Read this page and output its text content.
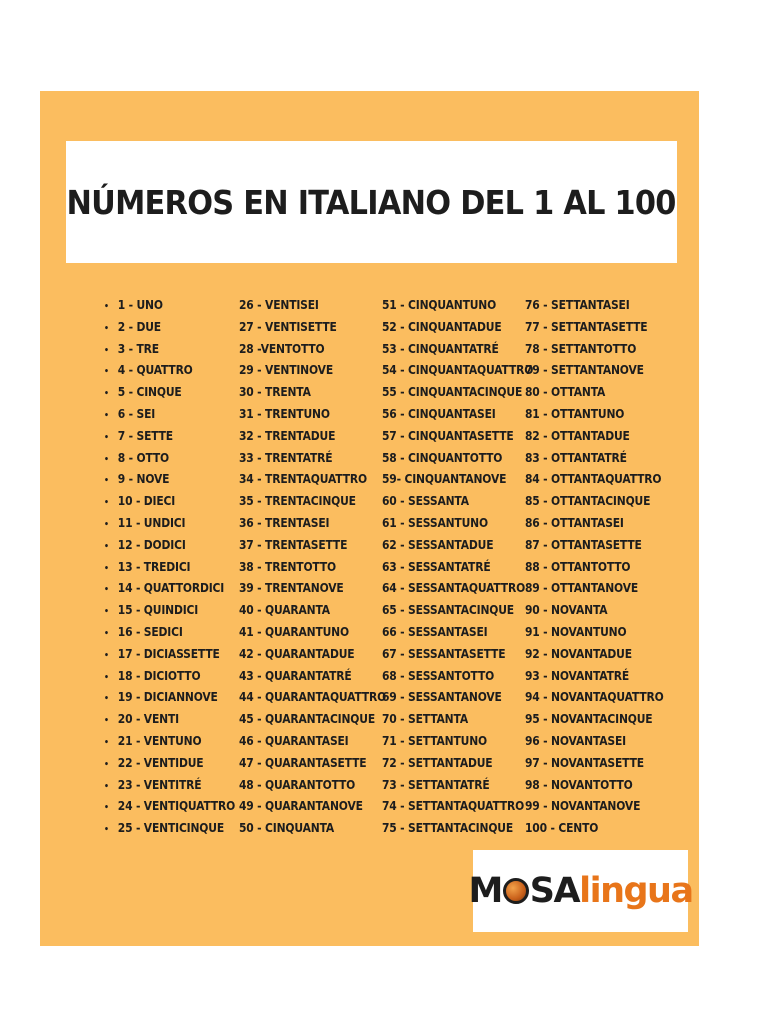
NÚMEROS EN ITALIANO DEL 1 AL 100
• 1 - UNO
• 2 - DUE
• 3 - TRE
• 4 - QUATTRO
• 5 - CINQUE
• 6 - SEI
• 7 - SETTE
• 8 - OTTO
• 9 - NOVE
• 10 - DIECI
• 11 - UNDICI
• 12 - DODICI
• 13 - TREDICI
• 14 - QUATTORDICI
• 15 - QUINDICI
• 16 - SEDICI
• 17 - DICIASSETTE
• 18 - DICIOTTO
• 19 - DICIANNOVE
• 20 - VENTI
• 21 - VENTUNO
• 22 - VENTIDUE
• 23 - VENTITRÉ
• 24 - VENTIQUATTRO
• 25 - VENTICINQUE
26 - VENTISEI
27 - VENTISETTE
28 -VENTOTTO
29 - VENTINOVE
30 - TRENTA
31 - TRENTUNO
32 - TRENTADUE
33 - TRENTATRÉ
34 - TRENTAQUATTRO
35 - TRENTACINQUE
36 - TRENTASEI
37 - TRENTASETTE
38 - TRENTOTTO
39 - TRENTANOVE
40 - QUARANTA
41 - QUARANTUNO
42 - QUARANTADUE
43 - QUARANTATRÉ
44 - QUARANTAQUATTRO
45 - QUARANTACINQUE
46 - QUARANTASEI
47 - QUARANTASETTE
48 - QUARANTOTTO
49 - QUARANTANOVE
50 - CINQUANTA
51 - CINQUANTUNO
52 - CINQUANTADUE
53 - CINQUANTATRÉ
54 - CINQUANTAQUATTRO
55 - CINQUANTACINQUE
56 - CINQUANTASEI
57 - CINQUANTASETTE
58 - CINQUANTOTTO
59- CINQUANTANOVE
60 - SESSANTA
61 - SESSANTUNO
62 - SESSANTADUE
63 - SESSANTATRÉ
64 - SESSANTAQUATTRO
65 - SESSANTACINQUE
66 - SESSANTASEI
67 - SESSANTASETTE
68 - SESSANTOTTO
69 - SESSANTANOVE
70 - SETTANTA
71 - SETTANTUNO
72 - SETTANTADUE
73 - SETTANTATRÉ
74 - SETTANTAQUATTRO
75 - SETTANTACINQUE
76 - SETTANTASEI
77 - SETTANTASETTE
78 - SETTANTOTTO
79 - SETTANTANOVE
80 - OTTANTA
81 - OTTANTUNO
82 - OTTANTADUE
83 - OTTANTATRÉ
84 - OTTANTAQUATTRO
85 - OTTANTACINQUE
86 - OTTANTASEI
87 - OTTANTASETTE
88 - OTTANTOTTO
89 - OTTANTANOVE
90 - NOVANTA
91 - NOVANTUNO
92 - NOVANTADUE
93 - NOVANTATRÉ
94 - NOVANTAQUATTRO
95 - NOVANTACINQUE
96 - NOVANTASEI
97 - NOVANTASETTE
98 - NOVANTOTTO
99 - NOVANTANOVE
100 - CENTO
M SA lingua
